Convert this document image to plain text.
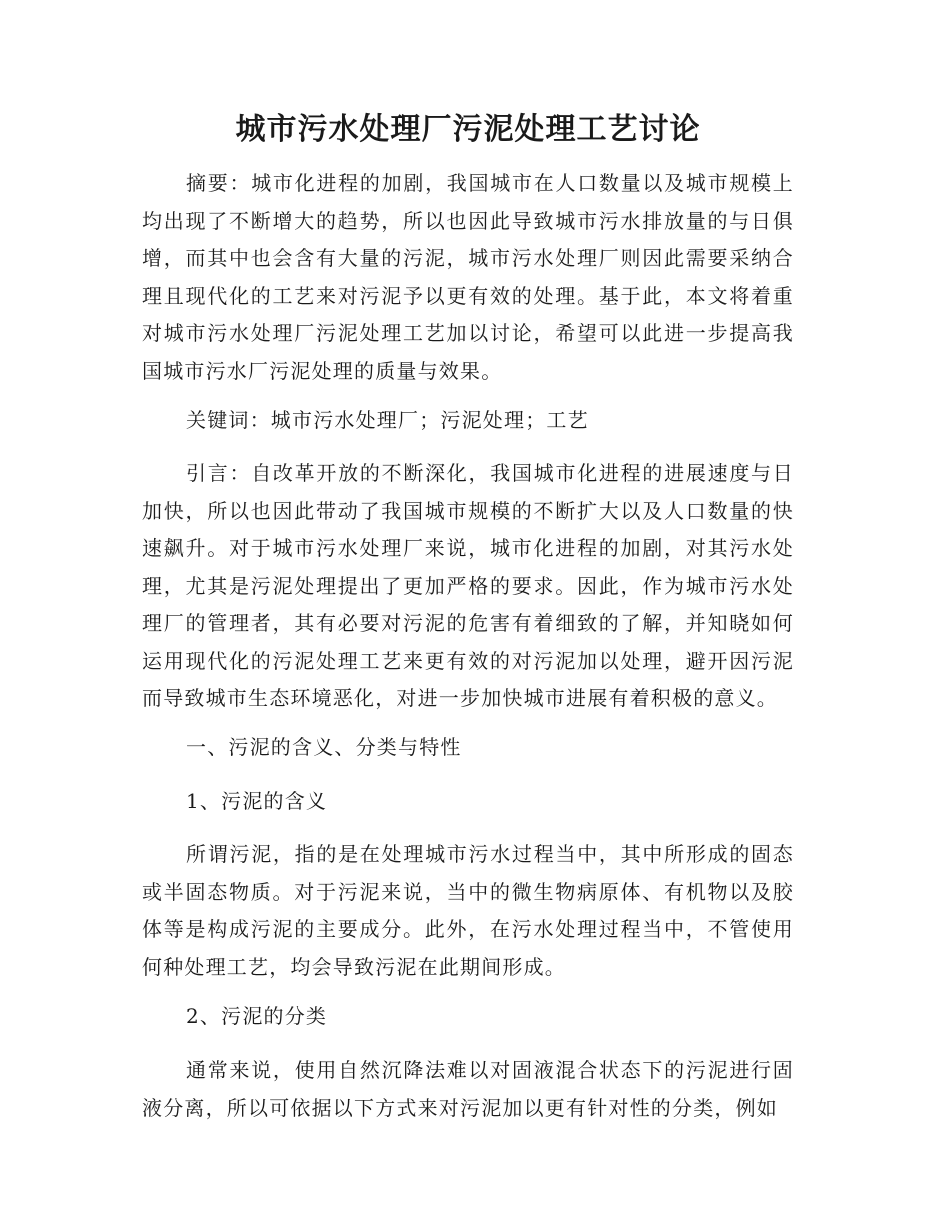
城市污水处理厂污泥处理工艺讨论

摘要：城市化进程的加剧，我国城市在人口数量以及城市规模上均出现了不断增大的趋势，所以也因此导致城市污水排放量的与日俱增，而其中也会含有大量的污泥，城市污水处理厂则因此需要采纳合理且现代化的工艺来对污泥予以更有效的处理。基于此，本文将着重对城市污水处理厂污泥处理工艺加以讨论，希望可以此进一步提高我国城市污水厂污泥处理的质量与效果。

关键词：城市污水处理厂；污泥处理；工艺

引言：自改革开放的不断深化，我国城市化进程的进展速度与日加快，所以也因此带动了我国城市规模的不断扩大以及人口数量的快速飙升。对于城市污水处理厂来说，城市化进程的加剧，对其污水处理，尤其是污泥处理提出了更加严格的要求。因此，作为城市污水处理厂的管理者，其有必要对污泥的危害有着细致的了解，并知晓如何运用现代化的污泥处理工艺来更有效的对污泥加以处理，避开因污泥而导致城市生态环境恶化，对进一步加快城市进展有着积极的意义。

一、污泥的含义、分类与特性

1、污泥的含义

所谓污泥，指的是在处理城市污水过程当中，其中所形成的固态或半固态物质。对于污泥来说，当中的微生物病原体、有机物以及胶体等是构成污泥的主要成分。此外，在污水处理过程当中，不管使用何种处理工艺，均会导致污泥在此期间形成。

2、污泥的分类

通常来说，使用自然沉降法难以对固液混合状态下的污泥进行固液分离，所以可依据以下方式来对污泥加以更有针对性的分类，例如
